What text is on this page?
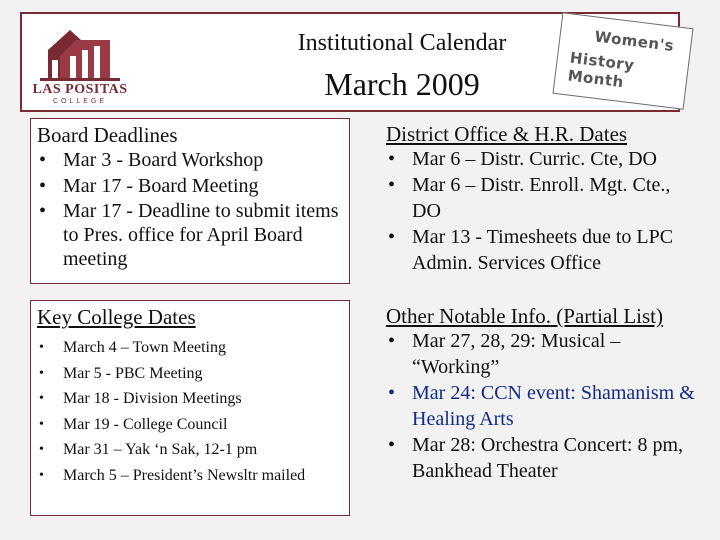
LAS POSITAS
COLLEGE
Institutional Calendar
March 2009
Women's
History Month
Board Deadlines
• Mar 3 - Board Workshop
• Mar 17 - Board Meeting
• Mar 17 - Deadline to submit items to Pres. office for April Board meeting
District Office & H.R. Dates
• Mar 6 – Distr. Curric. Cte, DO
• Mar 6 – Distr. Enroll. Mgt. Cte., DO
• Mar 13 - Timesheets due to LPC Admin. Services Office
Key College Dates
• March 4 – Town Meeting
• Mar 5 - PBC Meeting
• Mar 18 - Division Meetings
• Mar 19 - College Council
• Mar 31 – Yak ‘n Sak, 12-1 pm
• March 5 – President’s Newsltr mailed
Other Notable Info. (Partial List)
• Mar 27, 28, 29: Musical – “Working”
• Mar 24: CCN event: Shamanism & Healing Arts
• Mar 28: Orchestra Concert: 8 pm, Bankhead Theater
